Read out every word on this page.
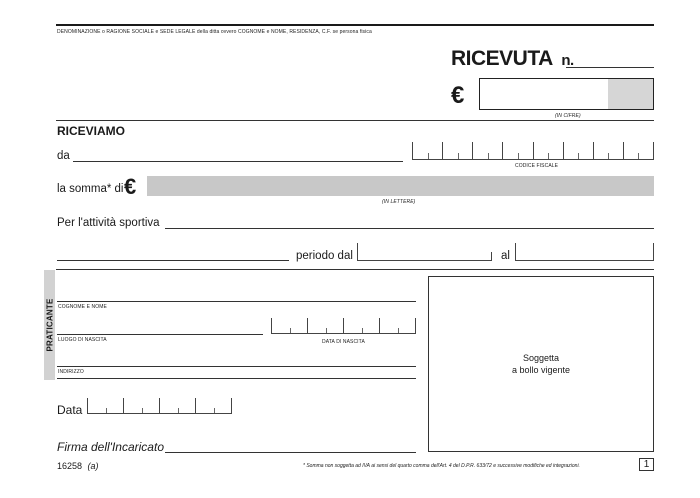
DENOMINAZIONE o RAGIONE SOCIALE e SEDE LEGALE della ditta ovvero COGNOME e NOME, RESIDENZA, C.F. se persona fisica
RICEVUTA n.
€
(IN CIFRE)
RICEVIAMO
da
CODICE FISCALE
la somma* di €
(IN LETTERE)
Per l'attività sportiva
periodo dal	al
PRATICANTE COGNOME E NOME
LUOGO DI NASCITA	DATA DI NASCITA
INDIRIZZO
Data
Firma dell'Incaricato
Soggetta
a bollo vigente
16258 (a)	* Somma non soggetta ad IVA ai sensi del quarto comma dell'Art. 4 del D.P.R. 633/72 e successive modifiche ed integrazioni.	1
